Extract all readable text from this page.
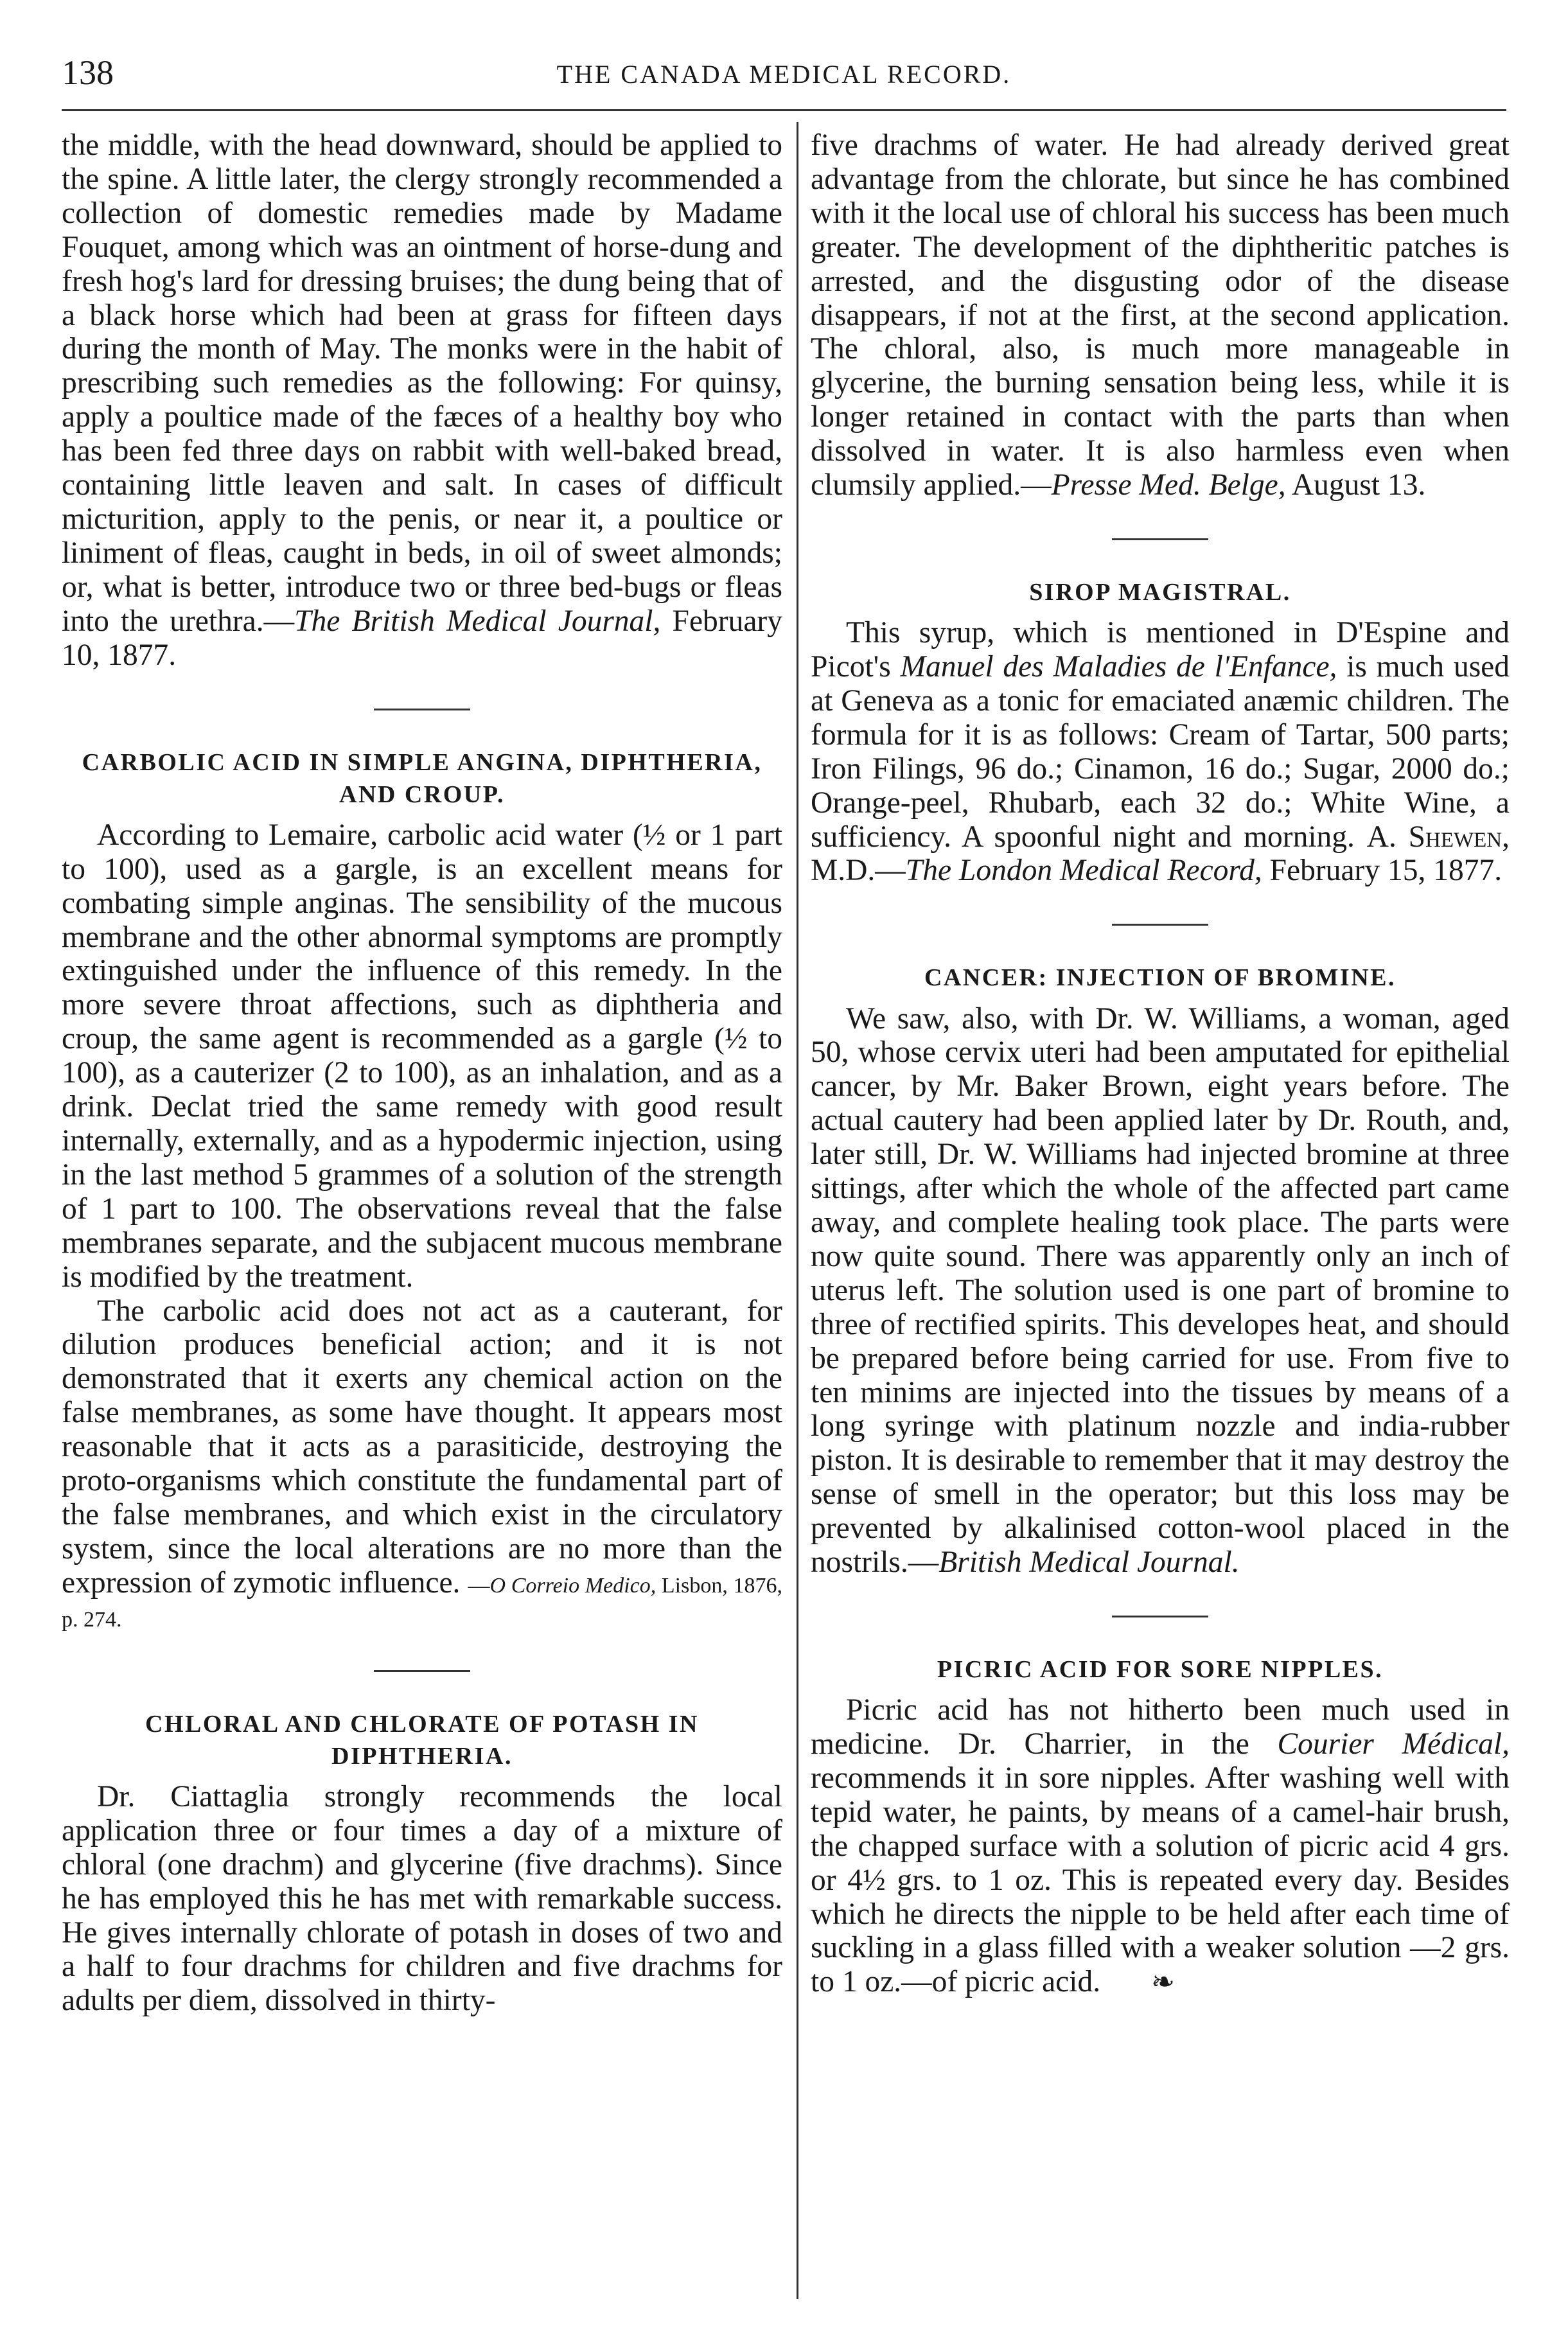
138	THE CANADA MEDICAL RECORD.

the middle, with the head downward, should be applied to the spine. A little later, the clergy strongly recommended a collection of domestic remedies made by Madame Fouquet, among which was an ointment of horse-dung and fresh hog's lard for dressing bruises; the dung being that of a black horse which had been at grass for fifteen days during the month of May. The monks were in the habit of prescribing such remedies as the following: For quinsy, apply a poultice made of the fæces of a healthy boy who has been fed three days on rabbit with well-baked bread, containing little leaven and salt. In cases of difficult micturition, apply to the penis, or near it, a poultice or liniment of fleas, caught in beds, in oil of sweet almonds; or, what is better, introduce two or three bed-bugs or fleas into the urethra.—The British Medical Journal, February 10, 1877.

CARBOLIC ACID IN SIMPLE ANGINA, DIPHTHERIA, AND CROUP.

According to Lemaire, carbolic acid water (½ or 1 part to 100), used as a gargle, is an excellent means for combating simple anginas. The sensibility of the mucous membrane and the other abnormal symptoms are promptly extinguished under the influence of this remedy. In the more severe throat affections, such as diphtheria and croup, the same agent is recommended as a gargle (½ to 100), as a cauterizer (2 to 100), as an inhalation, and as a drink. Declat tried the same remedy with good result internally, externally, and as a hypodermic injection, using in the last method 5 grammes of a solution of the strength of 1 part to 100. The observations reveal that the false membranes separate, and the subjacent mucous membrane is modified by the treatment.

The carbolic acid does not act as a cauterant, for dilution produces beneficial action; and it is not demonstrated that it exerts any chemical action on the false membranes, as some have thought. It appears most reasonable that it acts as a parasiticide, destroying the proto-organisms which constitute the fundamental part of the false membranes, and which exist in the circulatory system, since the local alterations are no more than the expression of zymotic influence. —O Correio Medico, Lisbon, 1876, p. 274.

CHLORAL AND CHLORATE OF POTASH IN DIPHTHERIA.

Dr. Ciattaglia strongly recommends the local application three or four times a day of a mixture of chloral (one drachm) and glycerine (five drachms). Since he has employed this he has met with remarkable success. He gives internally chlorate of potash in doses of two and a half to four drachms for children and five drachms for adults per diem, dissolved in thirty-

five drachms of water. He had already derived great advantage from the chlorate, but since he has combined with it the local use of chloral his success has been much greater. The development of the diphtheritic patches is arrested, and the disgusting odor of the disease disappears, if not at the first, at the second application. The chloral, also, is much more manageable in glycerine, the burning sensation being less, while it is longer retained in contact with the parts than when dissolved in water. It is also harmless even when clumsily applied.—Presse Med. Belge, August 13.

SIROP MAGISTRAL.

This syrup, which is mentioned in D'Espine and Picot's Manuel des Maladies de l'Enfance, is much used at Geneva as a tonic for emaciated anæmic children. The formula for it is as follows: Cream of Tartar, 500 parts; Iron Filings, 96 do.; Cinamon, 16 do.; Sugar, 2000 do.; Orange-peel, Rhubarb, each 32 do.; White Wine, a sufficiency. A spoonful night and morning. A. Shewen, M.D.—The London Medical Record, February 15, 1877.

CANCER: INJECTION OF BROMINE.

We saw, also, with Dr. W. Williams, a woman, aged 50, whose cervix uteri had been amputated for epithelial cancer, by Mr. Baker Brown, eight years before. The actual cautery had been applied later by Dr. Routh, and, later still, Dr. W. Williams had injected bromine at three sittings, after which the whole of the affected part came away, and complete healing took place. The parts were now quite sound. There was apparently only an inch of uterus left. The solution used is one part of bromine to three of rectified spirits. This developes heat, and should be prepared before being carried for use. From five to ten minims are injected into the tissues by means of a long syringe with platinum nozzle and india-rubber piston. It is desirable to remember that it may destroy the sense of smell in the operator; but this loss may be prevented by alkalinised cotton-wool placed in the nostrils.—British Medical Journal.

PICRIC ACID FOR SORE NIPPLES.

Picric acid has not hitherto been much used in medicine. Dr. Charrier, in the Courier Médical, recommends it in sore nipples. After washing well with tepid water, he paints, by means of a camel-hair brush, the chapped surface with a solution of picric acid 4 grs. or 4½ grs. to 1 oz. This is repeated every day. Besides which he directs the nipple to be held after each time of suckling in a glass filled with a weaker solution —2 grs. to 1 oz.—of picric acid. ❧
